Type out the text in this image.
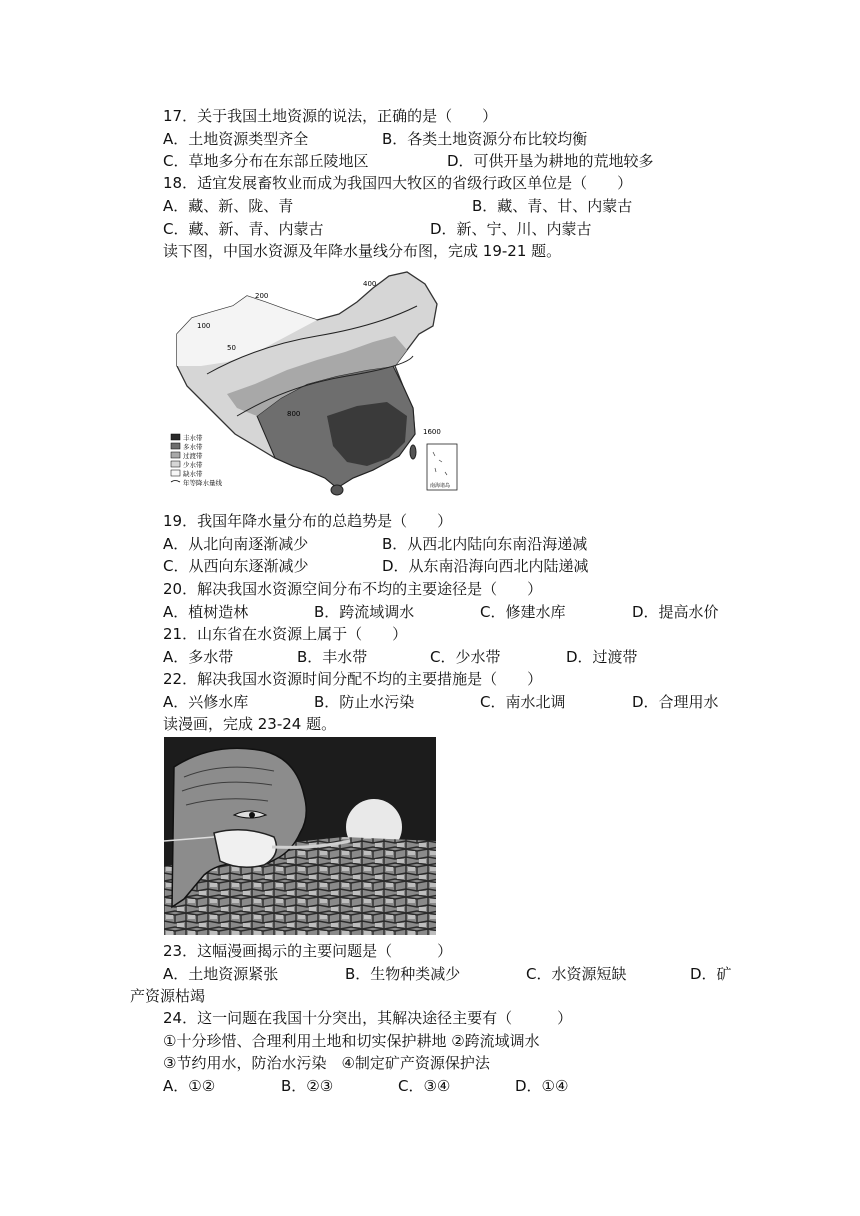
17．关于我国土地资源的说法，正确的是（　　）
A．土地资源类型齐全	B．各类土地资源分布比较均衡
C．草地多分布在东部丘陵地区	D．可供开垦为耕地的荒地较多
18．适宜发展畜牧业而成为我国四大牧区的省级行政区单位是（　　）
A．藏、新、陇、青	B．藏、青、甘、内蒙古
C．藏、新、青、内蒙古	D．新、宁、川、内蒙古
读下图，中国水资源及年降水量线分布图，完成 19-21 题。
400
200
100
50
800
1600
丰水带
多水带
过渡带
少水带
缺水带
年等降水量线	南海诸岛
19．我国年降水量分布的总趋势是（　　）
A．从北向南逐渐减少	B．从西北内陆向东南沿海递减
C．从西向东逐渐减少	D．从东南沿海向西北内陆递减
20．解决我国水资源空间分布不均的主要途径是（　　）
A．植树造林	B．跨流域调水	C．修建水库	D．提高水价
21．山东省在水资源上属于（　　）
A．多水带	B．丰水带	C．少水带	D．过渡带
22．解决我国水资源时间分配不均的主要措施是（　　）
A．兴修水库	B．防止水污染	C．南水北调	D．合理用水
读漫画，完成 23-24 题。
23．这幅漫画揭示的主要问题是（　　　）
A．土地资源紧张	B．生物种类减少	C．水资源短缺	D．矿
产资源枯竭
24．这一问题在我国十分突出，其解决途径主要有（　　　）
①十分珍惜、合理利用土地和切实保护耕地 ②跨流域调水
③节约用水，防治水污染　④制定矿产资源保护法
A．①②	B．②③	C．③④	D．①④
